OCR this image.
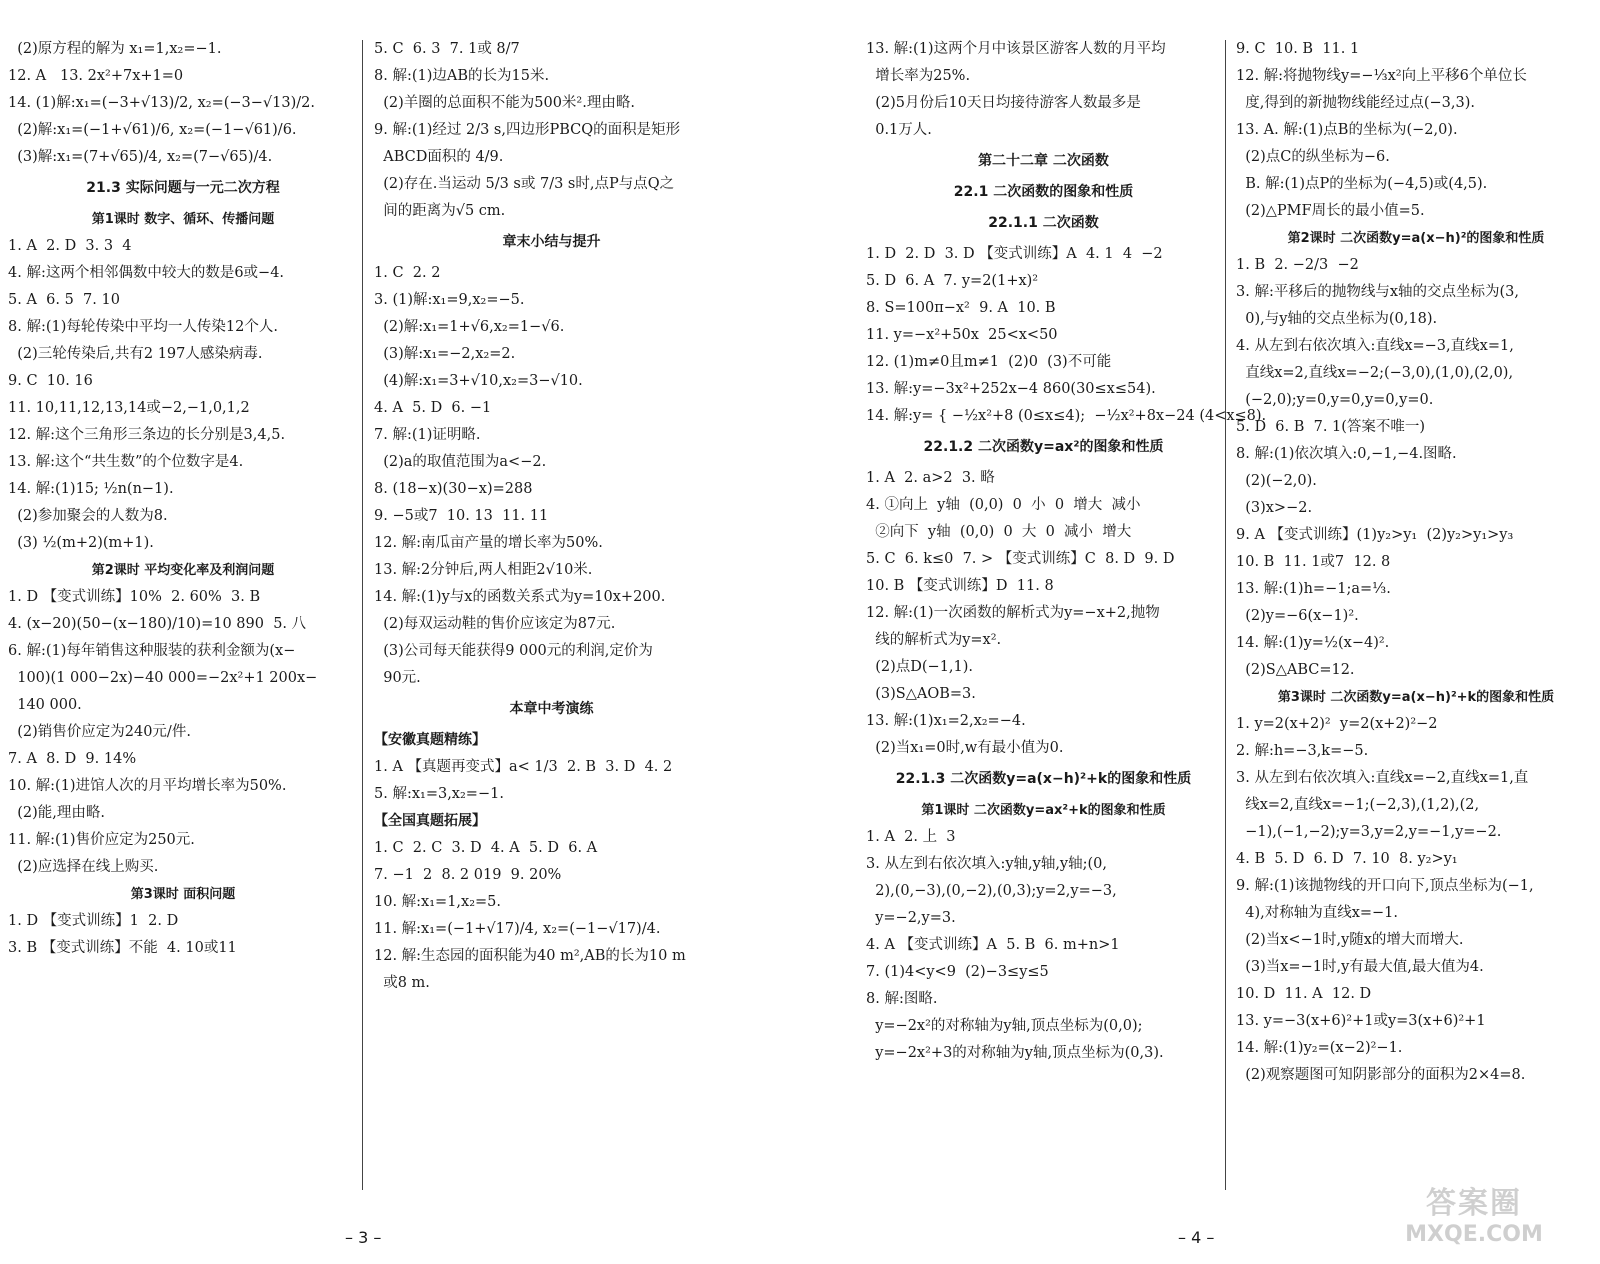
(2)原方程的解为 x₁=1,x₂=−1.
12. A   13. 2x²+7x+1=0
14. (1)解:x₁=(−3+√13)/2, x₂=(−3−√13)/2.
(2)解:x₁=(−1+√61)/6, x₂=(−1−√61)/6.
(3)解:x₁=(7+√65)/4, x₂=(7−√65)/4.
21.3 实际问题与一元二次方程
第1课时 数字、循环、传播问题
1. A  2. D  3. 3  4
4. 解:这两个相邻偶数中较大的数是6或−4.
5. A  6. 5  7. 10
8. 解:(1)每轮传染中平均一人传染12个人.
(2)三轮传染后,共有2 197人感染病毒.
9. C  10. 16
11. 10,11,12,13,14或−2,−1,0,1,2
12. 解:这个三角形三条边的长分别是3,4,5.
13. 解:这个“共生数”的个位数字是4.
14. 解:(1)15; ½n(n−1).
(2)参加聚会的人数为8.
(3) ½(m+2)(m+1).
第2课时 平均变化率及利润问题
1. D 【变式训练】10%  2. 60%  3. B
4. (x−20)(50−(x−180)/10)=10 890  5. 八
6. 解:(1)每年销售这种服装的获利金额为(x−
100)(1 000−2x)−40 000=−2x²+1 200x−
140 000.
(2)销售价应定为240元/件.
7. A  8. D  9. 14%
10. 解:(1)进馆人次的月平均增长率为50%.
(2)能,理由略.
11. 解:(1)售价应定为250元.
(2)应选择在线上购买.
第3课时 面积问题
1. D 【变式训练】1  2. D
3. B 【变式训练】不能  4. 10或11
5. C  6. 3  7. 1或 8/7
8. 解:(1)边AB的长为15米.
(2)羊圈的总面积不能为500米².理由略.
9. 解:(1)经过 2/3 s,四边形PBCQ的面积是矩形
ABCD面积的 4/9.
(2)存在.当运动 5/3 s或 7/3 s时,点P与点Q之
间的距离为√5 cm.
章末小结与提升
1. C  2. 2
3. (1)解:x₁=9,x₂=−5.
(2)解:x₁=1+√6,x₂=1−√6.
(3)解:x₁=−2,x₂=2.
(4)解:x₁=3+√10,x₂=3−√10.
4. A  5. D  6. −1
7. 解:(1)证明略.
(2)a的取值范围为a<−2.
8. (18−x)(30−x)=288
9. −5或7  10. 13  11. 11
12. 解:南瓜亩产量的增长率为50%.
13. 解:2分钟后,两人相距2√10米.
14. 解:(1)y与x的函数关系式为y=10x+200.
(2)每双运动鞋的售价应该定为87元.
(3)公司每天能获得9 000元的利润,定价为
90元.
本章中考演练
【安徽真题精练】
1. A 【真题再变式】a< 1/3  2. B  3. D  4. 2
5. 解:x₁=3,x₂=−1.
【全国真题拓展】
1. C  2. C  3. D  4. A  5. D  6. A
7. −1  2  8. 2 019  9. 20%
10. 解:x₁=1,x₂=5.
11. 解:x₁=(−1+√17)/4, x₂=(−1−√17)/4.
12. 解:生态园的面积能为40 m²,AB的长为10 m
或8 m.
13. 解:(1)这两个月中该景区游客人数的月平均
增长率为25%.
(2)5月份后10天日均接待游客人数最多是
0.1万人.
第二十二章 二次函数
22.1 二次函数的图象和性质
22.1.1 二次函数
1. D  2. D  3. D 【变式训练】A  4. 1  4  −2
5. D  6. A  7. y=2(1+x)²
8. S=100π−x²  9. A  10. B
11. y=−x²+50x  25<x<50
12. (1)m≠0且m≠1  (2)0  (3)不可能
13. 解:y=−3x²+252x−4 860(30≤x≤54).
14. 解:y= { −½x²+8 (0≤x≤4);  −½x²+8x−24 (4<x≤8).
22.1.2 二次函数y=ax²的图象和性质
1. A  2. a>2  3. 略
4. ①向上  y轴  (0,0)  0  小  0  增大  减小
②向下  y轴  (0,0)  0  大  0  减小  增大
5. C  6. k≤0  7. > 【变式训练】C  8. D  9. D
10. B 【变式训练】D  11. 8
12. 解:(1)一次函数的解析式为y=−x+2,抛物
线的解析式为y=x².
(2)点D(−1,1).
(3)S△AOB=3.
13. 解:(1)x₁=2,x₂=−4.
(2)当x₁=0时,w有最小值为0.
22.1.3 二次函数y=a(x−h)²+k的图象和性质
第1课时 二次函数y=ax²+k的图象和性质
1. A  2. 上  3
3. 从左到右依次填入:y轴,y轴,y轴;(0,
2),(0,−3),(0,−2),(0,3);y=2,y=−3,
y=−2,y=3.
4. A 【变式训练】A  5. B  6. m+n>1
7. (1)4<y<9  (2)−3≤y≤5
8. 解:图略.
y=−2x²的对称轴为y轴,顶点坐标为(0,0);
y=−2x²+3的对称轴为y轴,顶点坐标为(0,3).
9. C  10. B  11. 1
12. 解:将抛物线y=−⅓x²向上平移6个单位长
度,得到的新抛物线能经过点(−3,3).
13. A. 解:(1)点B的坐标为(−2,0).
(2)点C的纵坐标为−6.
B. 解:(1)点P的坐标为(−4,5)或(4,5).
(2)△PMF周长的最小值=5.
第2课时 二次函数y=a(x−h)²的图象和性质
1. B  2. −2/3  −2
3. 解:平移后的抛物线与x轴的交点坐标为(3,
0),与y轴的交点坐标为(0,18).
4. 从左到右依次填入:直线x=−3,直线x=1,
直线x=2,直线x=−2;(−3,0),(1,0),(2,0),
(−2,0);y=0,y=0,y=0,y=0.
5. D  6. B  7. 1(答案不唯一)
8. 解:(1)依次填入:0,−1,−4.图略.
(2)(−2,0).
(3)x>−2.
9. A 【变式训练】(1)y₂>y₁  (2)y₂>y₁>y₃
10. B  11. 1或7  12. 8
13. 解:(1)h=−1;a=⅓.
(2)y=−6(x−1)².
14. 解:(1)y=½(x−4)².
(2)S△ABC=12.
第3课时 二次函数y=a(x−h)²+k的图象和性质
1. y=2(x+2)²  y=2(x+2)²−2
2. 解:h=−3,k=−5.
3. 从左到右依次填入:直线x=−2,直线x=1,直
线x=2,直线x=−1;(−2,3),(1,2),(2,
−1),(−1,−2);y=3,y=2,y=−1,y=−2.
4. B  5. D  6. D  7. 10  8. y₂>y₁
9. 解:(1)该抛物线的开口向下,顶点坐标为(−1,
4),对称轴为直线x=−1.
(2)当x<−1时,y随x的增大而增大.
(3)当x=−1时,y有最大值,最大值为4.
10. D  11. A  12. D
13. y=−3(x+6)²+1或y=3(x+6)²+1
14. 解:(1)y₂=(x−2)²−1.
(2)观察题图可知阴影部分的面积为2×4=8.
– 3 –	– 4 –
答案圈
MXQE.COM
